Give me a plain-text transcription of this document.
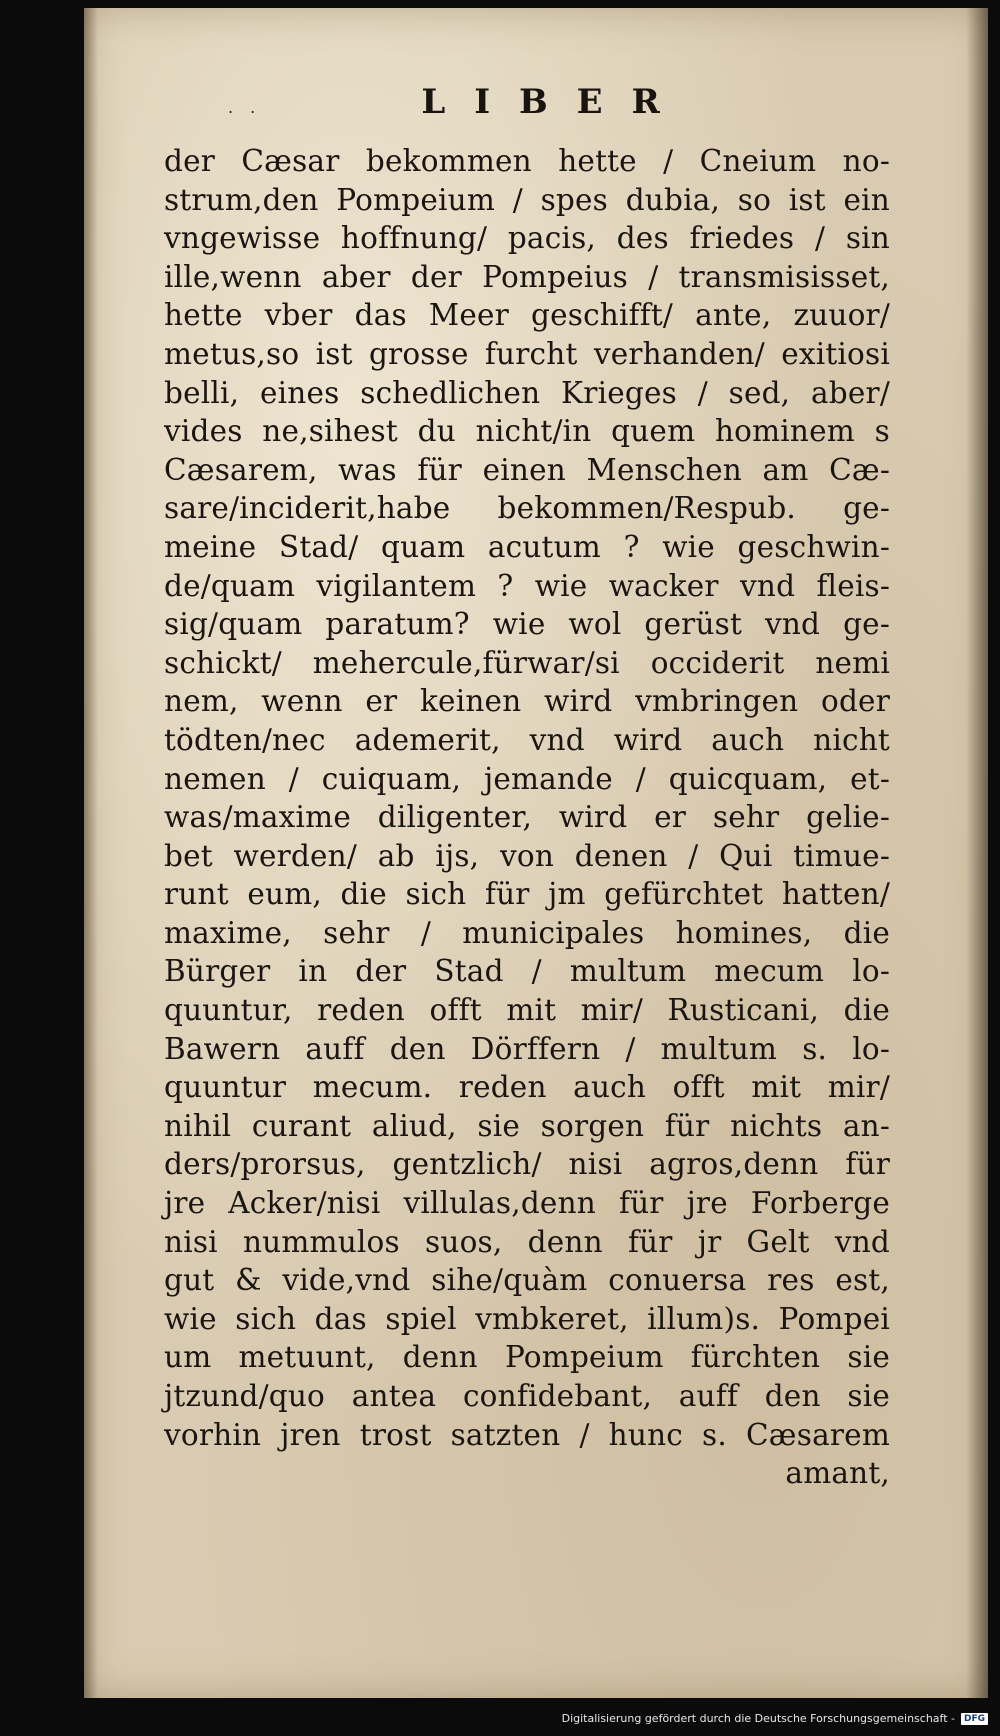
. .	LIBER
der Cæsar bekommen hette / Cneium no-
strum,den Pompeium / spes dubia, so ist ein
vngewisse hoffnung/ pacis, des friedes / sin
ille,wenn aber der Pompeius / transmisisset,
hette vber das Meer geschifft/ ante, zuuor/
metus,so ist grosse furcht verhanden/ exitiosi
belli, eines schedlichen Krieges / sed, aber/
vides ne,sihest du nicht/in quem hominem s
Cæsarem, was für einen Menschen am Cæ-
sare/inciderit,habe bekommen/Respub. ge-
meine Stad/ quam acutum ? wie geschwin-
de/quam vigilantem ? wie wacker vnd fleis-
sig/quam paratum? wie wol gerüst vnd ge-
schickt/ mehercule,fürwar/si occiderit nemi
nem, wenn er keinen wird vmbringen oder
tödten/nec ademerit, vnd wird auch nicht
nemen / cuiquam, jemande / quicquam, et-
was/maxime diligenter, wird er sehr gelie-
bet werden/ ab ijs, von denen / Qui timue-
runt eum, die sich für jm gefürchtet hatten/
maxime, sehr / municipales homines, die
Bürger in der Stad / multum mecum lo-
quuntur, reden offt mit mir/ Rusticani, die
Bawern auff den Dörffern / multum s. lo-
quuntur mecum. reden auch offt mit mir/
nihil curant aliud, sie sorgen für nichts an-
ders/prorsus, gentzlich/ nisi agros,denn für
jre Acker/nisi villulas,denn für jre Forberge
nisi nummulos suos, denn für jr Gelt vnd
gut & vide,vnd sihe/quàm conuersa res est,
wie sich das spiel vmbkeret, illum)s. Pompei
um metuunt, denn Pompeium fürchten sie
jtzund/quo antea confidebant, auff den sie
vorhin jren trost satzten / hunc s. Cæsarem
amant,
Digitalisierung gefördert durch die Deutsche Forschungsgemeinschaft -	DFG
